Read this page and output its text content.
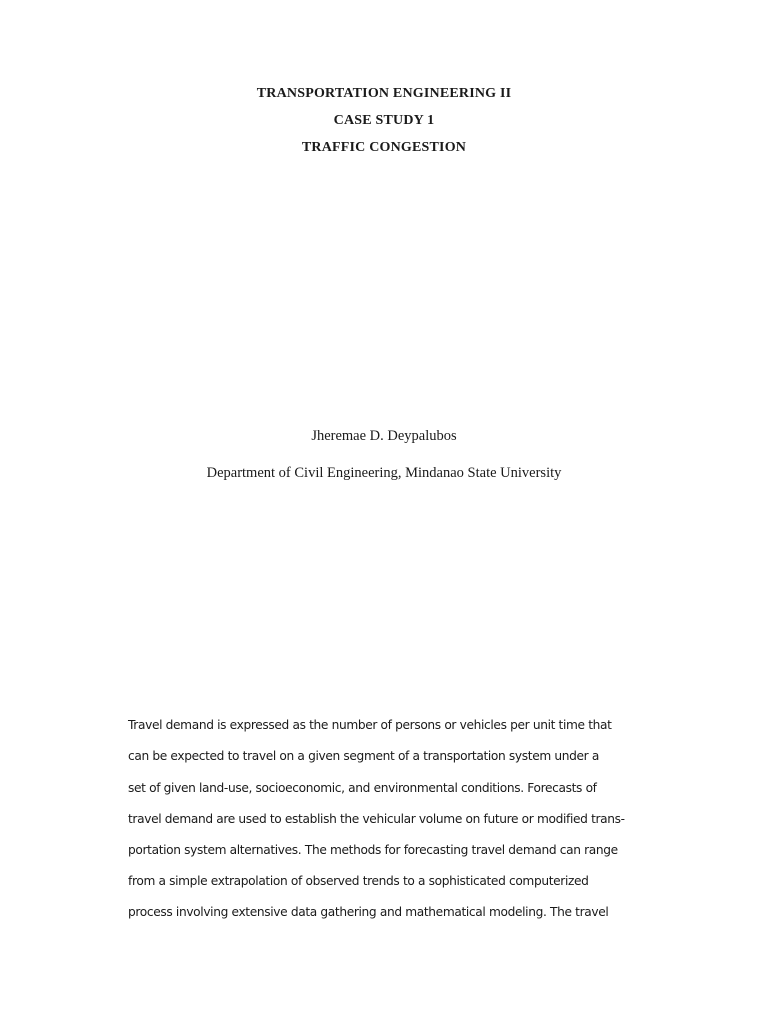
TRANSPORTATION ENGINEERING II
CASE STUDY 1
TRAFFIC CONGESTION
Jheremae D. Deypalubos
Department of Civil Engineering, Mindanao State University
Travel demand is expressed as the number of persons or vehicles per unit time that
can be expected to travel on a given segment of a transportation system under a
set of given land-use, socioeconomic, and environmental conditions. Forecasts of
travel demand are used to establish the vehicular volume on future or modified trans-
portation system alternatives. The methods for forecasting travel demand can range
from a simple extrapolation of observed trends to a sophisticated computerized
process involving extensive data gathering and mathematical modeling. The travel
